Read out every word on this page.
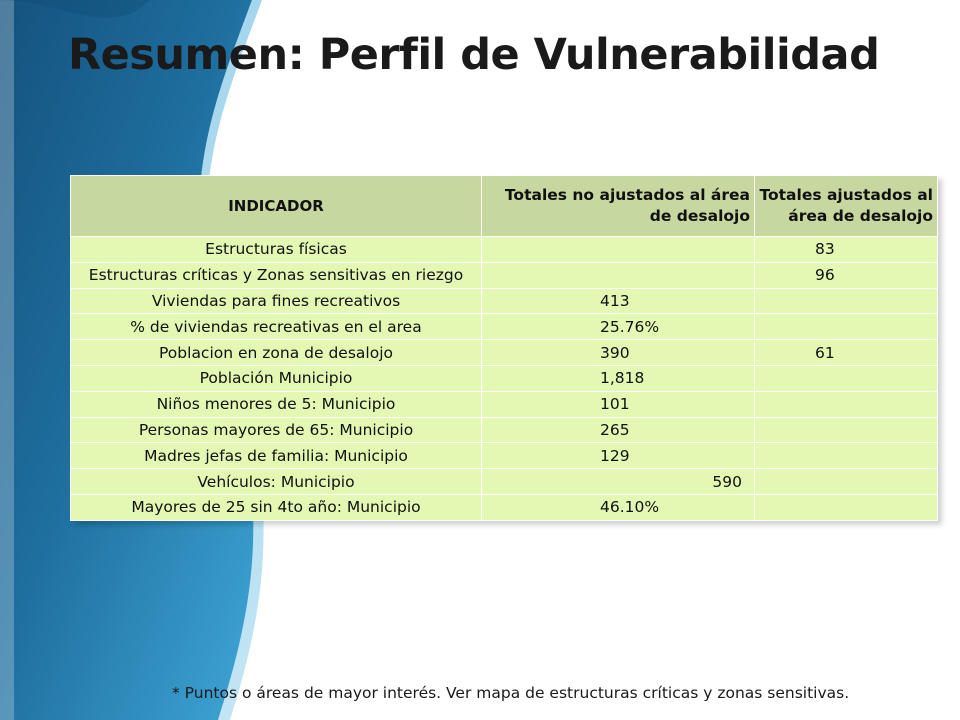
Resumen: Perfil de Vulnerabilidad
INDICADOR	Totales no ajustados al área de desalojo	Totales ajustados al área de desalojo
Estructuras físicas		83
Estructuras críticas y Zonas sensitivas en riezgo		96
Viviendas para fines recreativos	413	
% de viviendas recreativas en el area	25.76%	
Poblacion en zona de desalojo	390	61
Población Municipio	1,818	
Niños menores de 5: Municipio	101	
Personas mayores de 65: Municipio	265	
Madres jefas de familia: Municipio	129	
Vehículos: Municipio	590	
Mayores de 25 sin 4to año: Municipio	46.10%	

* Puntos o áreas de mayor interés. Ver mapa de estructuras críticas y zonas sensitivas.
